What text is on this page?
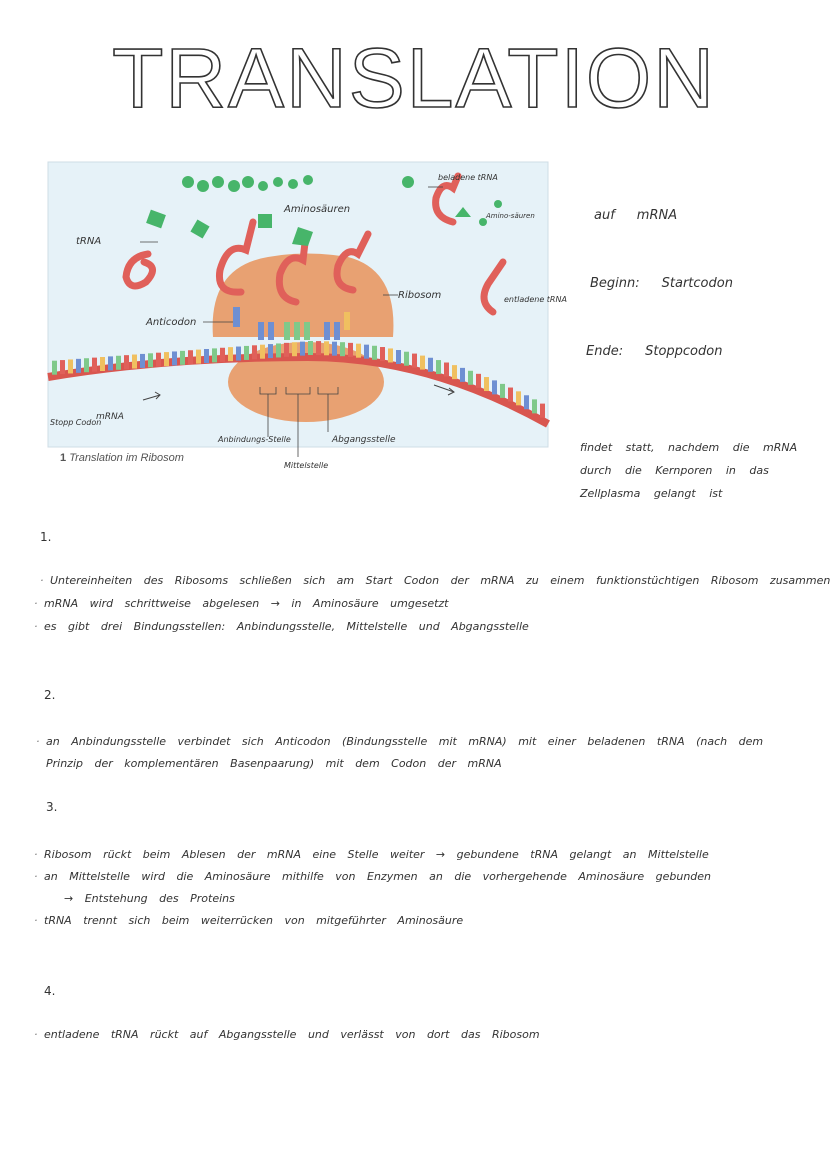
TRANSLATION
Aminosäuren
beladene tRNA
Amino-säuren
tRNA
Ribosom	entladene tRNA
Anticodon
Stopp Codon
mRNA
Anbindungs-Stelle	Abgangsstelle
Mittelstelle
1 Translation im Ribosom
auf mRNA
Beginn: Startcodon
Ende: Stoppcodon
findet statt, nachdem die mRNA durch die Kernporen in das Zellplasma gelangt ist
1.
· Untereinheiten des Ribosoms schließen sich am Start Codon der mRNA zu einem funktionstüchtigen Ribosom zusammen
· mRNA wird schrittweise abgelesen → in Aminosäure umgesetzt
· es gibt drei Bindungsstellen: Anbindungsstelle, Mittelstelle und Abgangsstelle
2.
· an Anbindungsstelle verbindet sich Anticodon (Bindungsstelle mit mRNA) mit einer beladenen tRNA (nach dem
Prinzip der komplementären Basenpaarung) mit dem Codon der mRNA
3.
· Ribosom rückt beim Ablesen der mRNA eine Stelle weiter → gebundene tRNA gelangt an Mittelstelle
· an Mittelstelle wird die Aminosäure mithilfe von Enzymen an die vorhergehende Aminosäure gebunden
→ Entstehung des Proteins
· tRNA trennt sich beim weiterrücken von mitgeführter Aminosäure
4.
· entladene tRNA rückt auf Abgangsstelle und verlässt von dort das Ribosom
